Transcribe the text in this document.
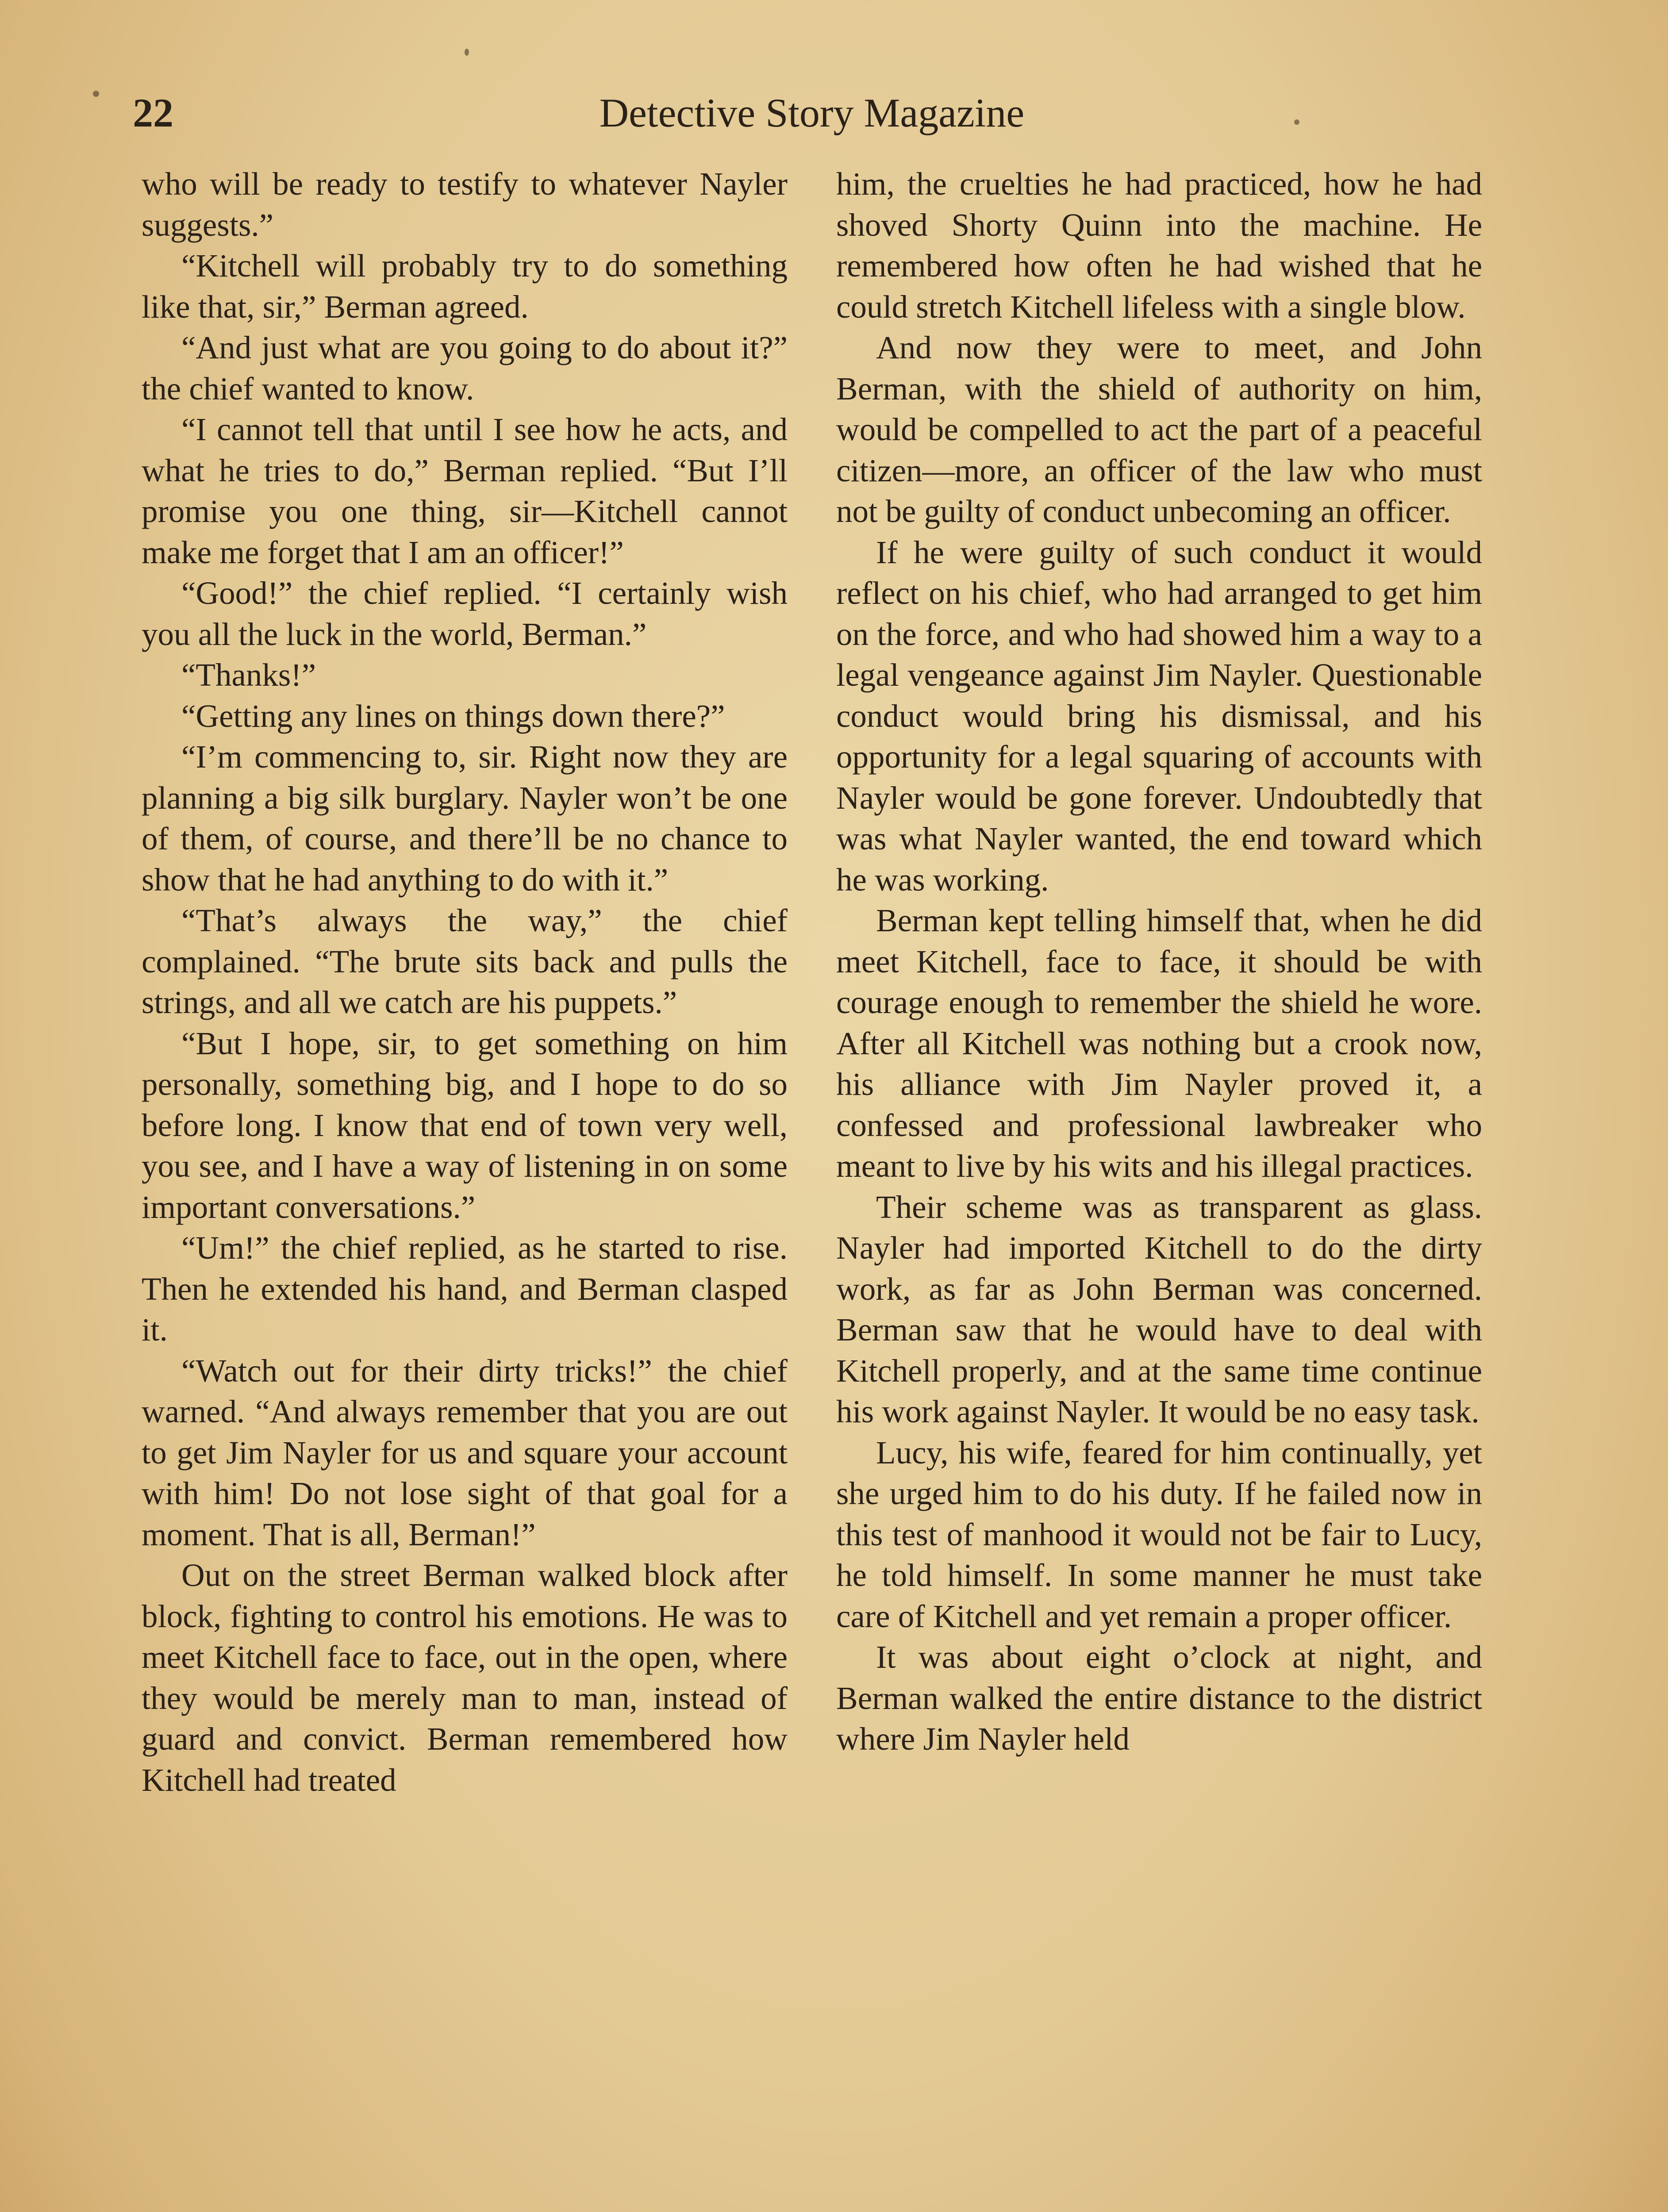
22	Detective Story Magazine

who will be ready to testify to whatever Nayler suggests.”

“Kitchell will probably try to do something like that, sir,” Berman agreed.

“And just what are you going to do about it?” the chief wanted to know.

“I cannot tell that until I see how he acts, and what he tries to do,” Berman replied. “But I’ll promise you one thing, sir—Kitchell cannot make me forget that I am an officer!”

“Good!” the chief replied. “I certainly wish you all the luck in the world, Berman.”

“Thanks!”

“Getting any lines on things down there?”

“I’m commencing to, sir. Right now they are planning a big silk burglary. Nayler won’t be one of them, of course, and there’ll be no chance to show that he had anything to do with it.”

“That’s always the way,” the chief complained. “The brute sits back and pulls the strings, and all we catch are his puppets.”

“But I hope, sir, to get something on him personally, something big, and I hope to do so before long. I know that end of town very well, you see, and I have a way of listening in on some important conversations.”

“Um!” the chief replied, as he started to rise. Then he extended his hand, and Berman clasped it.

“Watch out for their dirty tricks!” the chief warned. “And always remember that you are out to get Jim Nayler for us and square your account with him! Do not lose sight of that goal for a moment. That is all, Berman!”

Out on the street Berman walked block after block, fighting to control his emotions. He was to meet Kitchell face to face, out in the open, where they would be merely man to man, instead of guard and convict. Berman remembered how Kitchell had treated

him, the cruelties he had practiced, how he had shoved Shorty Quinn into the machine. He remembered how often he had wished that he could stretch Kitchell lifeless with a single blow.

And now they were to meet, and John Berman, with the shield of authority on him, would be compelled to act the part of a peaceful citizen—more, an officer of the law who must not be guilty of conduct unbecoming an officer.

If he were guilty of such conduct it would reflect on his chief, who had arranged to get him on the force, and who had showed him a way to a legal vengeance against Jim Nayler. Questionable conduct would bring his dismissal, and his opportunity for a legal squaring of accounts with Nayler would be gone forever. Undoubtedly that was what Nayler wanted, the end toward which he was working.

Berman kept telling himself that, when he did meet Kitchell, face to face, it should be with courage enough to remember the shield he wore. After all Kitchell was nothing but a crook now, his alliance with Jim Nayler proved it, a confessed and professional lawbreaker who meant to live by his wits and his illegal practices.

Their scheme was as transparent as glass. Nayler had imported Kitchell to do the dirty work, as far as John Berman was concerned. Berman saw that he would have to deal with Kitchell properly, and at the same time continue his work against Nayler. It would be no easy task.

Lucy, his wife, feared for him continually, yet she urged him to do his duty. If he failed now in this test of manhood it would not be fair to Lucy, he told himself. In some manner he must take care of Kitchell and yet remain a proper officer.

It was about eight o’clock at night, and Berman walked the entire distance to the district where Jim Nayler held
